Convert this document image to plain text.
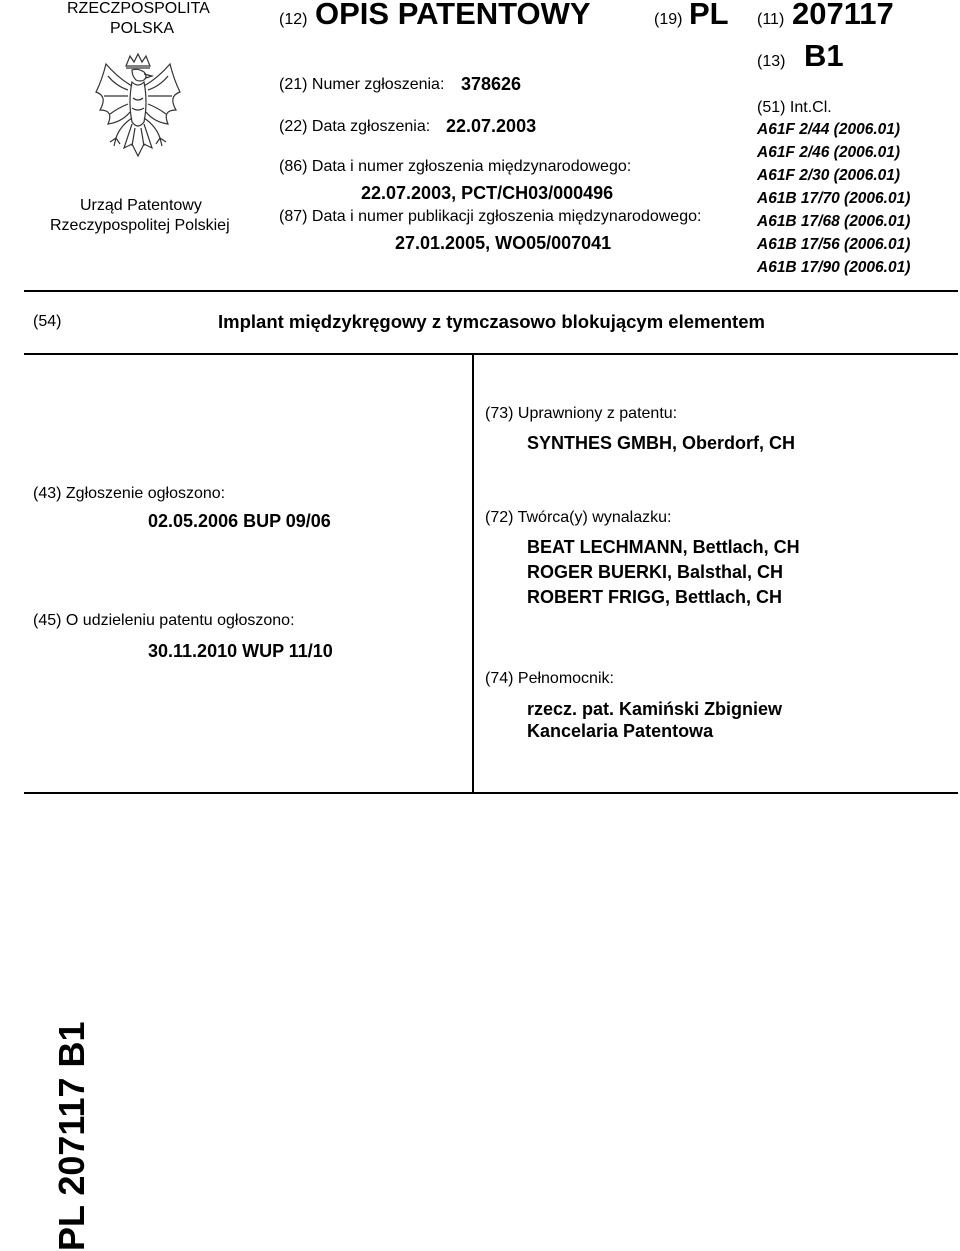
RZECZPOSPOLITA
POLSKA
Urząd Patentowy
Rzeczypospolitej Polskiej
(12) OPIS PATENTOWY	(19) PL
(21) Numer zgłoszenia: 378626
(22) Data zgłoszenia: 22.07.2003
(86) Data i numer zgłoszenia międzynarodowego:
22.07.2003, PCT/CH03/000496
(87) Data i numer publikacji zgłoszenia międzynarodowego:
27.01.2005, WO05/007041
(11) 207117
(13) B1
(51) Int.Cl.
A61F 2/44 (2006.01)
A61F 2/46 (2006.01)
A61F 2/30 (2006.01)
A61B 17/70 (2006.01)
A61B 17/68 (2006.01)
A61B 17/56 (2006.01)
A61B 17/90 (2006.01)
(54)	Implant międzykręgowy z tymczasowo blokującym elementem
(43) Zgłoszenie ogłoszono:
02.05.2006 BUP 09/06
(45) O udzieleniu patentu ogłoszono:
30.11.2010 WUP 11/10
(73) Uprawniony z patentu:
SYNTHES GMBH, Oberdorf, CH
(72) Twórca(y) wynalazku:
BEAT LECHMANN, Bettlach, CH
ROGER BUERKI, Balsthal, CH
ROBERT FRIGG, Bettlach, CH
(74) Pełnomocnik:
rzecz. pat. Kamiński Zbigniew
Kancelaria Patentowa
PL 207117 B1
